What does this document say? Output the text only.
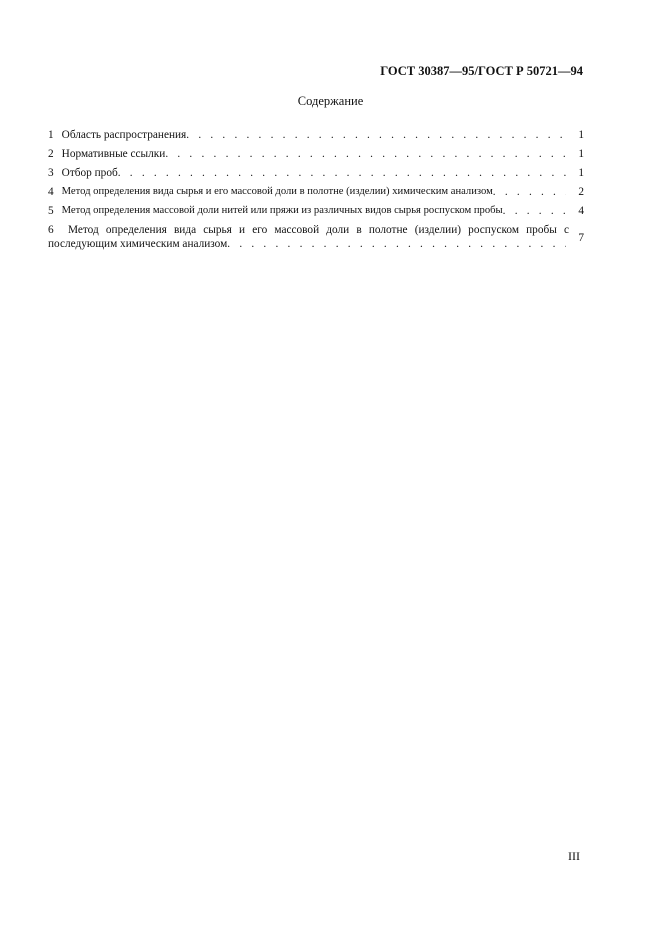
ГОСТ 30387—95/ГОСТ Р 50721—94
Содержание
1 Область распространения . . .	1
2 Нормативные ссылки . . .	1
3 Отбор проб . . .	1
4 Метод определения вида сырья и его массовой доли в полотне (изделии) химическим анализом . . .	2
5 Метод определения массовой доли нитей или пряжи из различных видов сырья роспуском пробы . . .	4
6 Метод определения вида сырья и его массовой доли в полотне (изделии) роспуском пробы с
последующим химическим анализом . . .	7
III
